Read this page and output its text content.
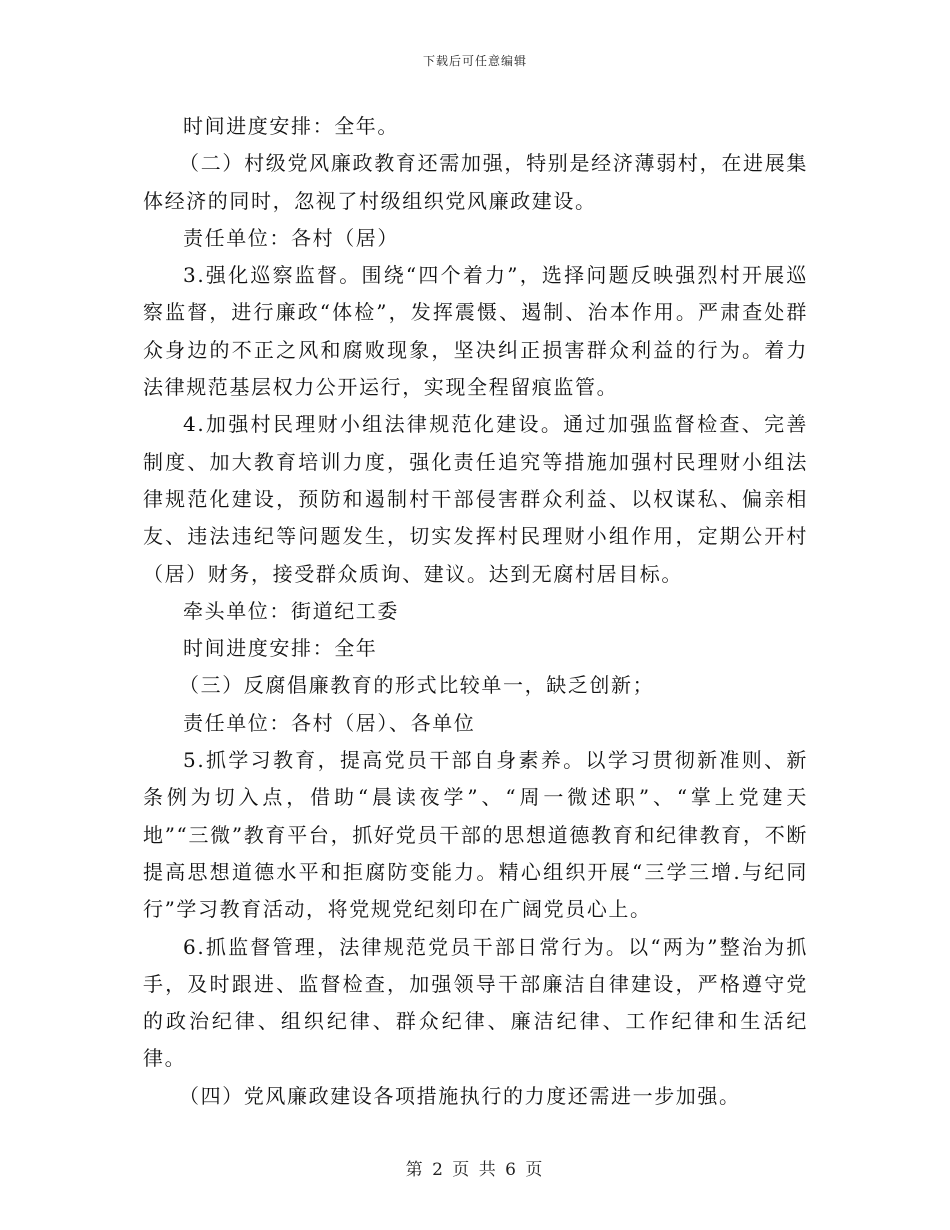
下载后可任意编辑

时间进度安排：全年。

（二）村级党风廉政教育还需加强，特别是经济薄弱村，在进展集体经济的同时，忽视了村级组织党风廉政建设。

责任单位：各村（居）

3.强化巡察监督。围绕“四个着力”，选择问题反映强烈村开展巡察监督，进行廉政“体检”，发挥震慑、遏制、治本作用。严肃查处群众身边的不正之风和腐败现象，坚决纠正损害群众利益的行为。着力法律规范基层权力公开运行，实现全程留痕监管。

4.加强村民理财小组法律规范化建设。通过加强监督检查、完善制度、加大教育培训力度，强化责任追究等措施加强村民理财小组法律规范化建设，预防和遏制村干部侵害群众利益、以权谋私、偏亲相友、违法违纪等问题发生，切实发挥村民理财小组作用，定期公开村（居）财务，接受群众质询、建议。达到无腐村居目标。

牵头单位：街道纪工委

时间进度安排：全年

（三）反腐倡廉教育的形式比较单一，缺乏创新；

责任单位：各村（居）、各单位

5.抓学习教育，提高党员干部自身素养。以学习贯彻新准则、新条例为切入点，借助“晨读夜学”、“周一微述职”、“掌上党建天地”“三微”教育平台，抓好党员干部的思想道德教育和纪律教育，不断提高思想道德水平和拒腐防变能力。精心组织开展“三学三增.与纪同行”学习教育活动，将党规党纪刻印在广阔党员心上。

6.抓监督管理，法律规范党员干部日常行为。以“两为”整治为抓手，及时跟进、监督检查，加强领导干部廉洁自律建设，严格遵守党的政治纪律、组织纪律、群众纪律、廉洁纪律、工作纪律和生活纪律。

（四）党风廉政建设各项措施执行的力度还需进一步加强。

第 2 页 共 6 页
